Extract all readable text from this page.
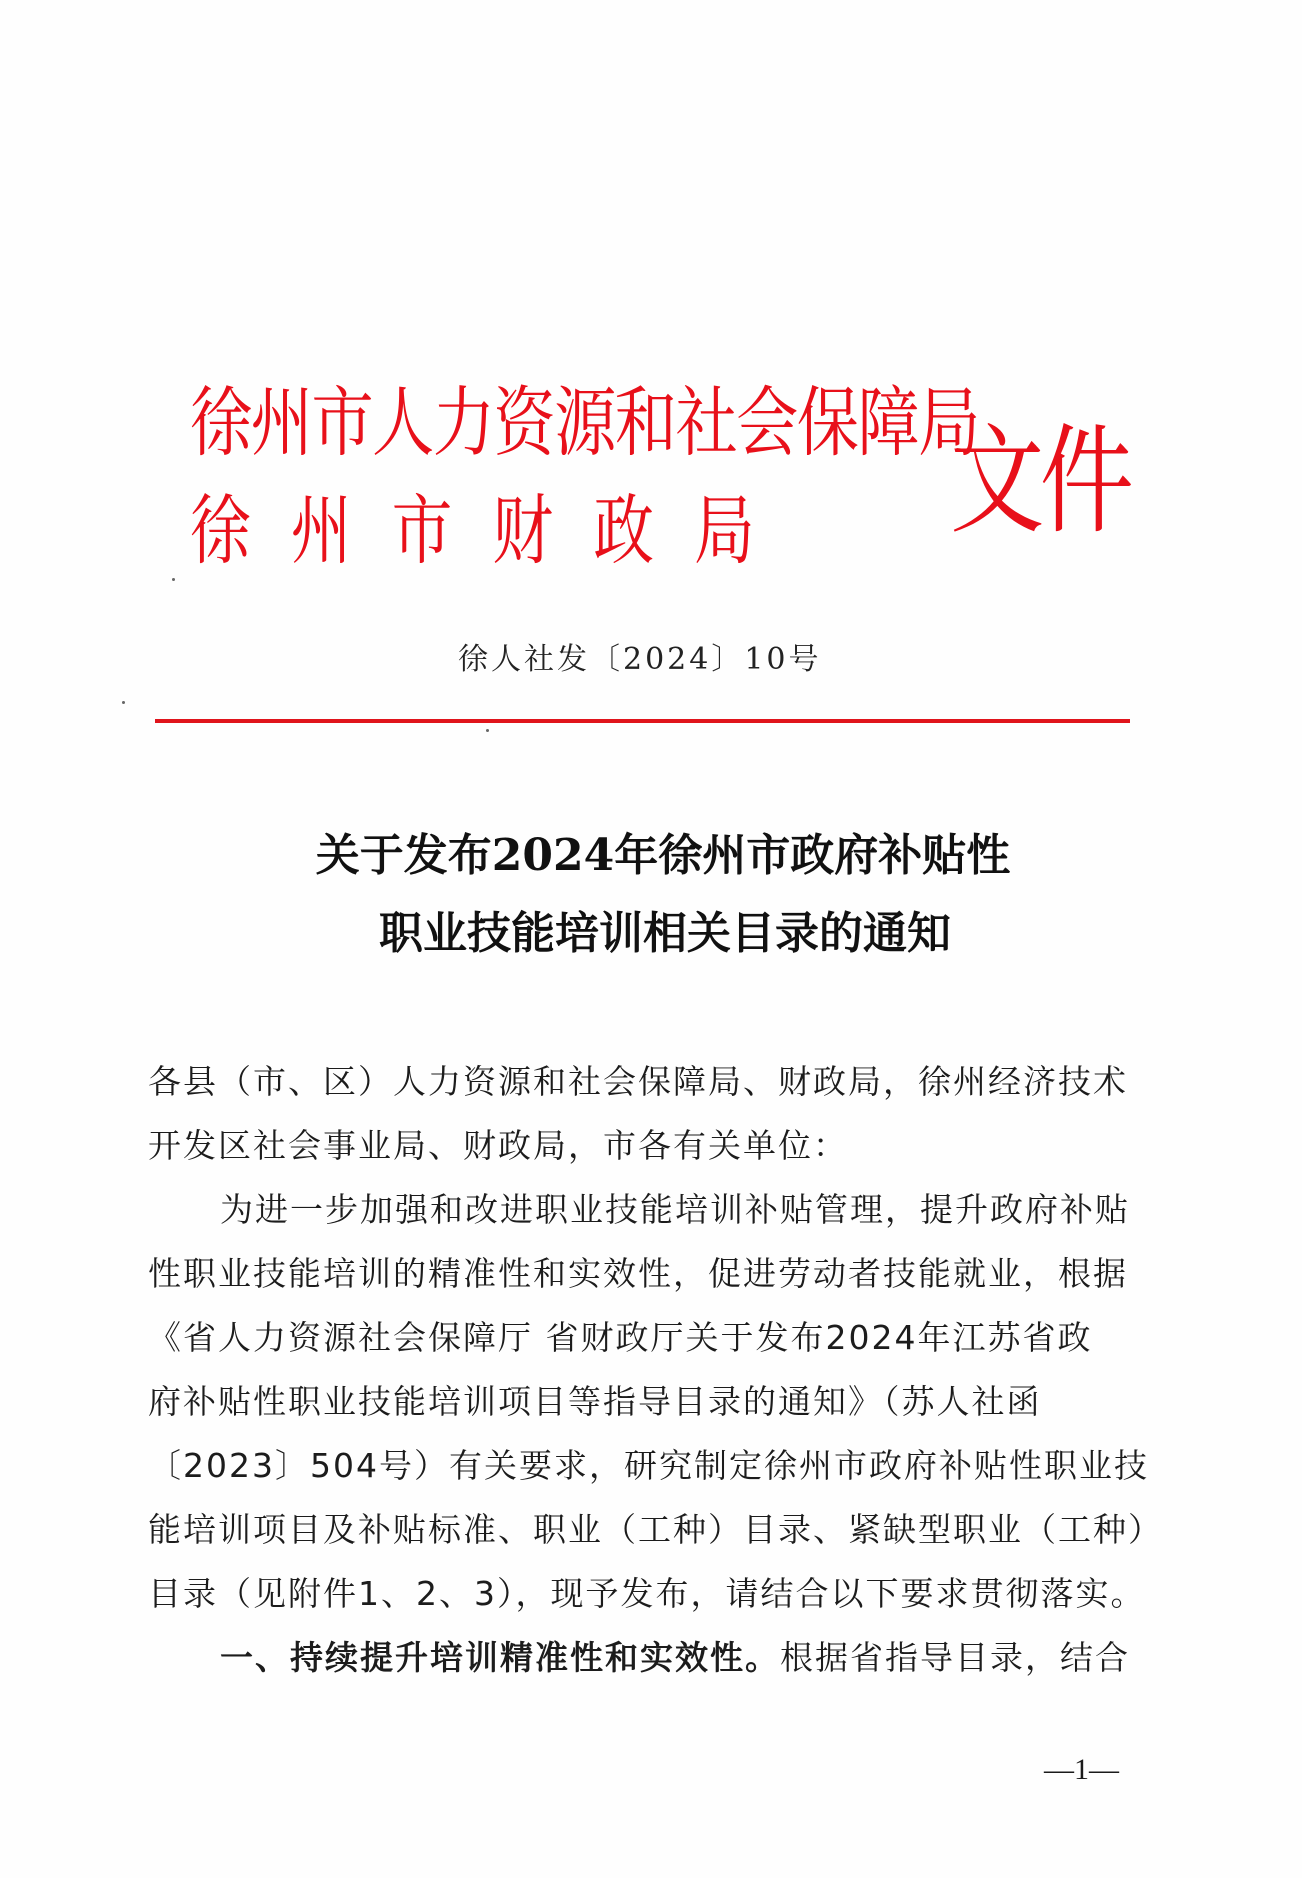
徐州市人力资源和社会保障局
徐州市财政局 文件
徐人社发〔2024〕10号
关于发布2024年徐州市政府补贴性
职业技能培训相关目录的通知
各县（市、区）人力资源和社会保障局、财政局，徐州经济技术
开发区社会事业局、财政局，市各有关单位：
为进一步加强和改进职业技能培训补贴管理，提升政府补贴
性职业技能培训的精准性和实效性，促进劳动者技能就业，根据
《省人力资源社会保障厅 省财政厅关于发布2024年江苏省政
府补贴性职业技能培训项目等指导目录的通知》（苏人社函
〔2023〕504号）有关要求，研究制定徐州市政府补贴性职业技
能培训项目及补贴标准、职业（工种）目录、紧缺型职业（工种）
目录（见附件1、2、3），现予发布，请结合以下要求贯彻落实。
一、持续提升培训精准性和实效性。根据省指导目录，结合
—1—
